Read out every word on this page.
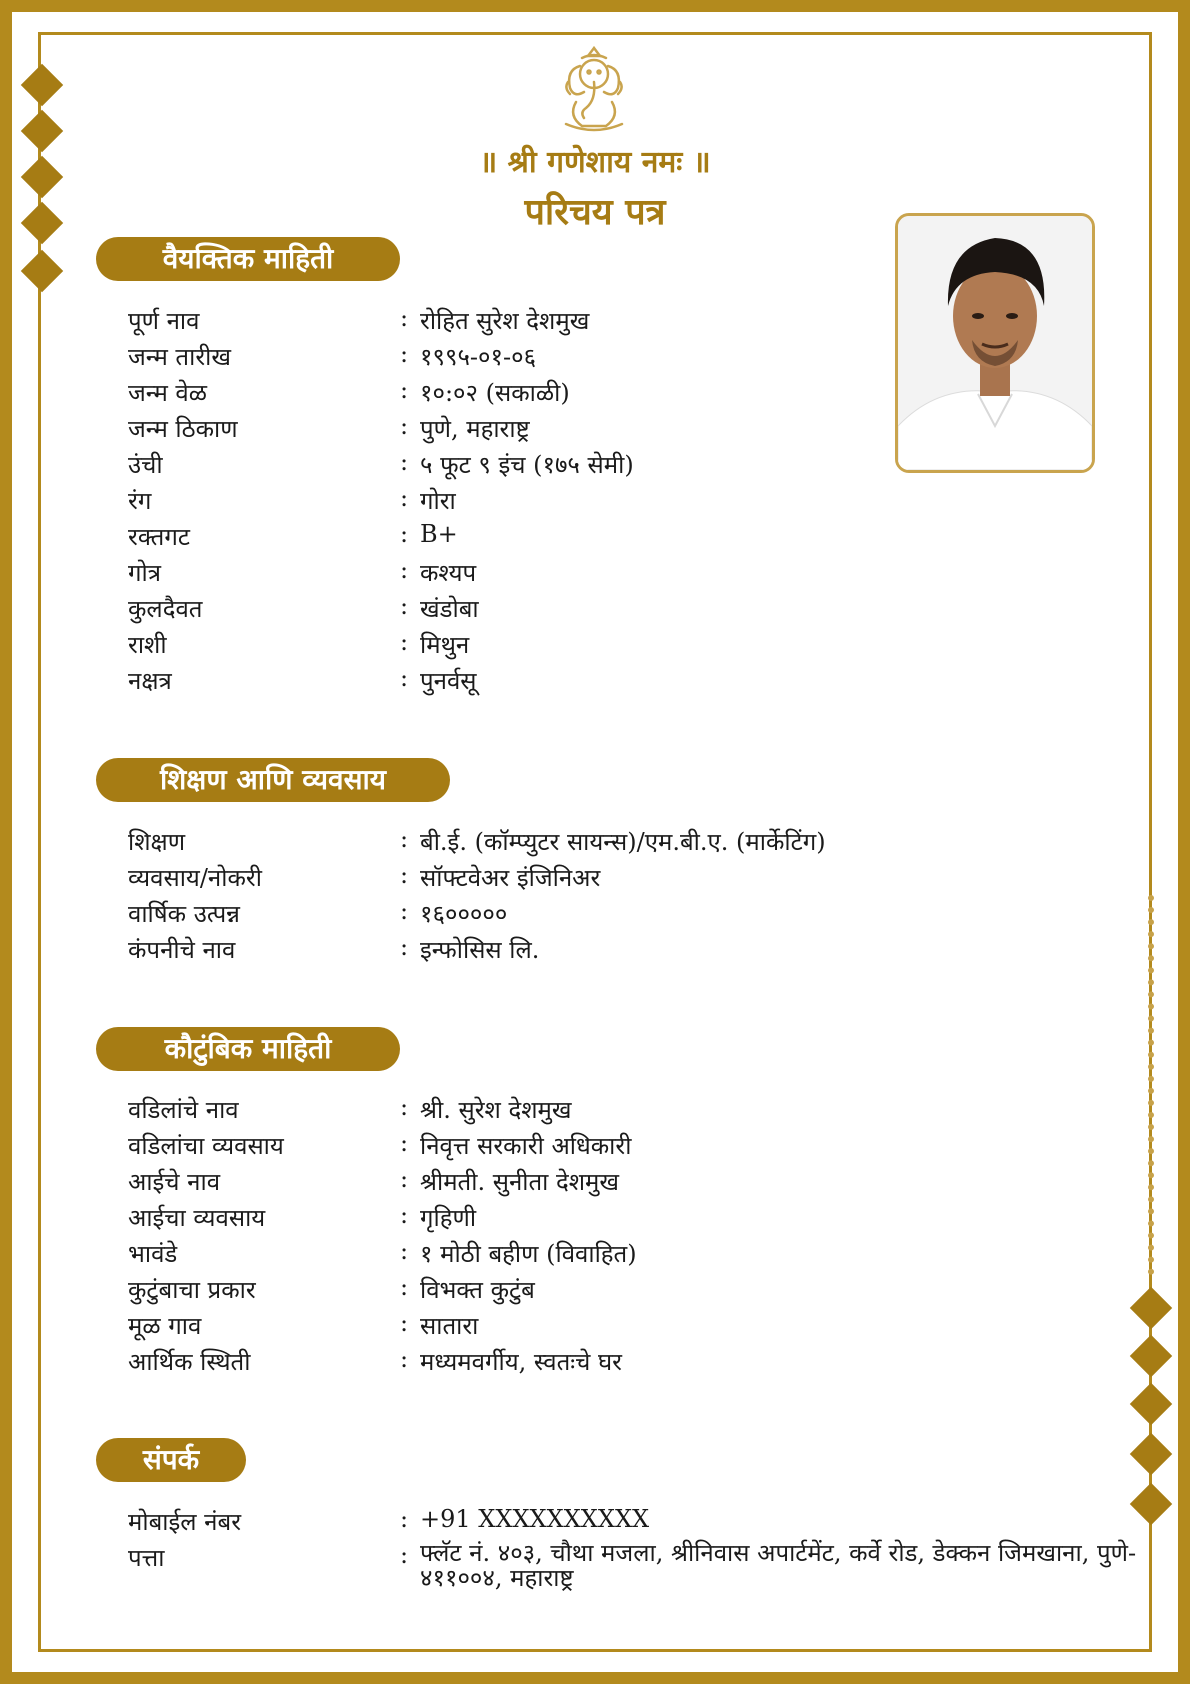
॥ श्री गणेशाय नमः ॥
परिचय पत्र
वैयक्तिक माहिती
पूर्ण नाव	: रोहित सुरेश देशमुख
जन्म तारीख	: १९९५-०१-०६
जन्म वेळ	: १०:०२ (सकाळी)
जन्म ठिकाण	: पुणे, महाराष्ट्र
उंची	: ५ फूट ९ इंच (१७५ सेमी)
रंग	: गोरा
रक्तगट	: B+
गोत्र	: कश्यप
कुलदैवत	: खंडोबा
राशी	: मिथुन
नक्षत्र	: पुनर्वसू
शिक्षण आणि व्यवसाय
शिक्षण	: बी.ई. (कॉम्प्युटर सायन्स)/एम.बी.ए. (मार्केटिंग)
व्यवसाय/नोकरी	: सॉफ्टवेअर इंजिनिअर
वार्षिक उत्पन्न	: १६०००००
कंपनीचे नाव	: इन्फोसिस लि.
कौटुंबिक माहिती
वडिलांचे नाव	: श्री. सुरेश देशमुख
वडिलांचा व्यवसाय	: निवृत्त सरकारी अधिकारी
आईचे नाव	: श्रीमती. सुनीता देशमुख
आईचा व्यवसाय	: गृहिणी
भावंडे	: १ मोठी बहीण (विवाहित)
कुटुंबाचा प्रकार	: विभक्त कुटुंब
मूळ गाव	: सातारा
आर्थिक स्थिती	: मध्यमवर्गीय, स्वतःचे घर
संपर्क
मोबाईल नंबर	: +91 XXXXXXXXXX
पत्ता	: फ्लॅट नं. ४०३, चौथा मजला, श्रीनिवास अपार्टमेंट, कर्वे रोड, डेक्कन जिमखाना, पुणे- ४११००४, महाराष्ट्र
